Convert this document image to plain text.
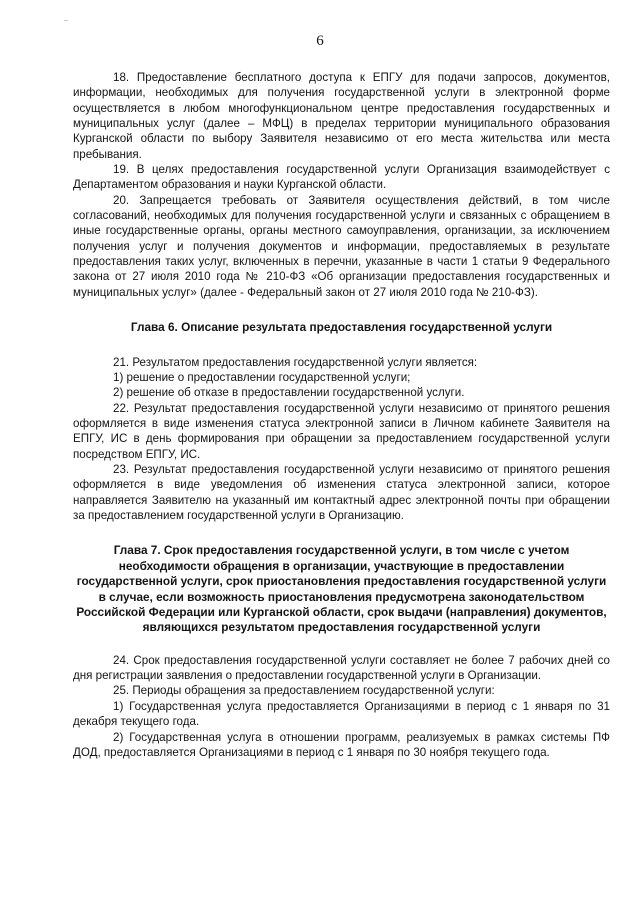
6

18. Предоставление бесплатного доступа к ЕПГУ для подачи запросов, документов, информации, необходимых для получения государственной услуги в электронной форме осуществляется в любом многофункциональном центре предоставления государственных и муниципальных услуг (далее – МФЦ) в пределах территории муниципального образования Курганской области по выбору Заявителя независимо от его места жительства или места пребывания.

19. В целях предоставления государственной услуги Организация взаимодействует с Департаментом образования и науки Курганской области.

20. Запрещается требовать от Заявителя осуществления действий, в том числе согласований, необходимых для получения государственной услуги и связанных с обращением в иные государственные органы, органы местного самоуправления, организации, за исключением получения услуг и получения документов и информации, предоставляемых в результате предоставления таких услуг, включенных в перечни, указанные в части 1 статьи 9 Федерального закона от 27 июля 2010 года № 210-ФЗ «Об организации предоставления государственных и муниципальных услуг» (далее - Федеральный закон от 27 июля 2010 года № 210-ФЗ).

Глава 6. Описание результата предоставления государственной услуги

21. Результатом предоставления государственной услуги является:

1) решение о предоставлении государственной услуги;

2) решение об отказе в предоставлении государственной услуги.

22. Результат предоставления государственной услуги независимо от принятого решения оформляется в виде изменения статуса электронной записи в Личном кабинете Заявителя на ЕПГУ, ИС в день формирования при обращении за предоставлением государственной услуги посредством ЕПГУ, ИС.

23. Результат предоставления государственной услуги независимо от принятого решения оформляется в виде уведомления об изменения статуса электронной записи, которое направляется Заявителю на указанный им контактный адрес электронной почты при обращении за предоставлением государственной услуги в Организацию.

Глава 7. Срок предоставления государственной услуги, в том числе с учетом необходимости обращения в организации, участвующие в предоставлении государственной услуги, срок приостановления предоставления государственной услуги в случае, если возможность приостановления предусмотрена законодательством Российской Федерации или Курганской области, срок выдачи (направления) документов, являющихся результатом предоставления государственной услуги

24. Срок предоставления государственной услуги составляет не более 7 рабочих дней со дня регистрации заявления о предоставлении государственной услуги в Организации.

25. Периоды обращения за предоставлением государственной услуги:

1) Государственная услуга предоставляется Организациями в период с 1 января по 31 декабря текущего года.

2) Государственная услуга в отношении программ, реализуемых в рамках системы ПФ ДОД, предоставляется Организациями в период с 1 января по 30 ноября текущего года.
